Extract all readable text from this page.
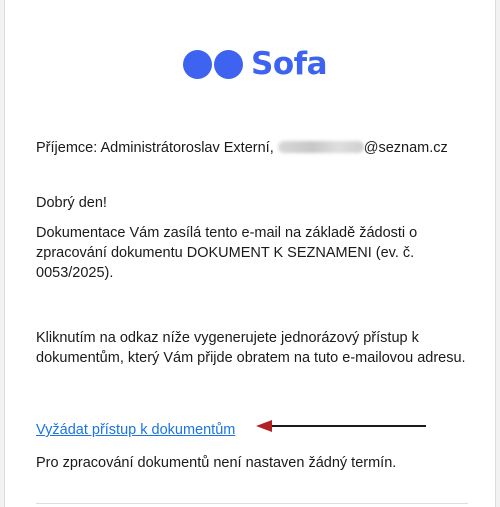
Sofa
Příjemce: Administrátoroslav Externí,	@seznam.cz

Dobrý den!

Dokumentace Vám zasílá tento e-mail na základě žádosti o zpracování dokumentu DOKUMENT K SEZNAMENI (ev. č. 0053/2025).

Kliknutím na odkaz níže vygenerujete jednorázový přístup k dokumentům, který Vám přijde obratem na tuto e-mailovou adresu.

Vyžádat přístup k dokumentům

Pro zpracování dokumentů není nastaven žádný termín.
